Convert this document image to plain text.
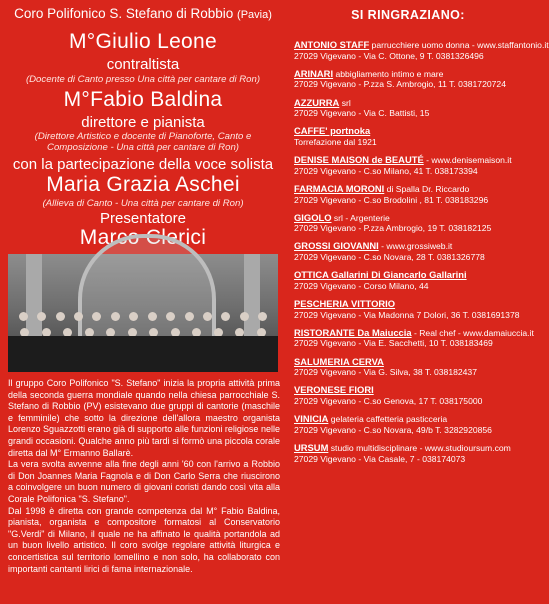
Coro Polifonico S. Stefano di Robbio (Pavia)
M°Giulio Leone
contraltista
(Docente di Canto presso Una città per cantare di Ron)
M°Fabio Baldina
direttore e pianista
(Direttore Artistico e docente di Pianoforte, Canto e Composizione - Una città per cantare di Ron)
con la partecipazione della voce solista
Maria Grazia Aschei
(Allieva di Canto - Una città per cantare di Ron)
Presentatore
Marco Clerici

Il gruppo Coro Polifonico "S. Stefano" inizia la propria attività prima della seconda guerra mondiale quando nella chiesa parrocchiale S. Stefano di Robbio (PV) esistevano due gruppi di cantorie (maschile e femminile) che sotto la direzione dell'allora maestro organista Lorenzo Sguazzotti erano già di supporto alle funzioni religiose nelle grandi occasioni. Qualche anno più tardi si formò una piccola corale diretta dal M° Ermanno Ballarè.

La vera svolta avvenne alla fine degli anni '60 con l'arrivo a Robbio di Don Joannes Maria Fagnola e di Don Carlo Serra che riuscirono a coinvolgere un buon numero di giovani coristi dando così vita alla Corale Polifonica "S. Stefano".

Dal 1998 è diretta con grande competenza dal M° Fabio Baldina, pianista, organista e compositore formatosi al Conservatorio "G.Verdi" di Milano, il quale ne ha affinato le qualità portandola ad un buon livello artistico. Il coro svolge regolare attività liturgica e concertistica sul territorio lomellino e non solo, ha collaborato con importanti cantanti lirici di fama internazionale.

SI RINGRAZIANO:
ANTONIO STAFF parrucchiere uomo donna - www.staffantonio.it
27029 Vigevano - Via C. Ottone, 9 T. 0381326496
ARINARI abbigliamento intimo e mare
27029 Vigevano - P.zza S. Ambrogio, 11 T. 0381720724
AZZURRA srl
27029 Vigevano - Via C. Battisti, 15
CAFFE' portnoka
Torrefazione dal 1921
DENISE MAISON de BEAUTÉ - www.denisemaison.it
27029 Vigevano - C.so Milano, 41 T. 038173394
FARMACIA MORONI di Spalla Dr. Riccardo
27029 Vigevano - C.so Brodolini , 81 T. 038183296
GIGOLO srl - Argenterie
27029 Vigevano - P.zza Ambrogio, 19 T. 038182125
GROSSI GIOVANNI - www.grossiweb.it
27029 Vigevano - C.so Novara, 28 T. 0381326778
OTTICA Gallarini Di Giancarlo Gallarini
27029 Vigevano - Corso Milano, 44
PESCHERIA VITTORIO
27029 Vigevano - Via Madonna 7 Dolori, 36 T. 0381691378
RISTORANTE Da Maiuccia - Real chef - www.damaiuccia.it
27029 Vigevano - Via E. Sacchetti, 10 T. 038183469
SALUMERIA CERVA
27029 Vigevano - Via G. Silva, 38 T. 038182437
VERONESE FIORI
27029 Vigevano - C.so Genova, 17 T. 038175000
VINICIA gelateria caffetteria pasticceria
27029 Vigevano - C.so Novara, 49/b T. 3282920856
URSUM studio multidisciplinare - www.studioursum.com
27029 Vigevano - Via Casale, 7 - 038174073
